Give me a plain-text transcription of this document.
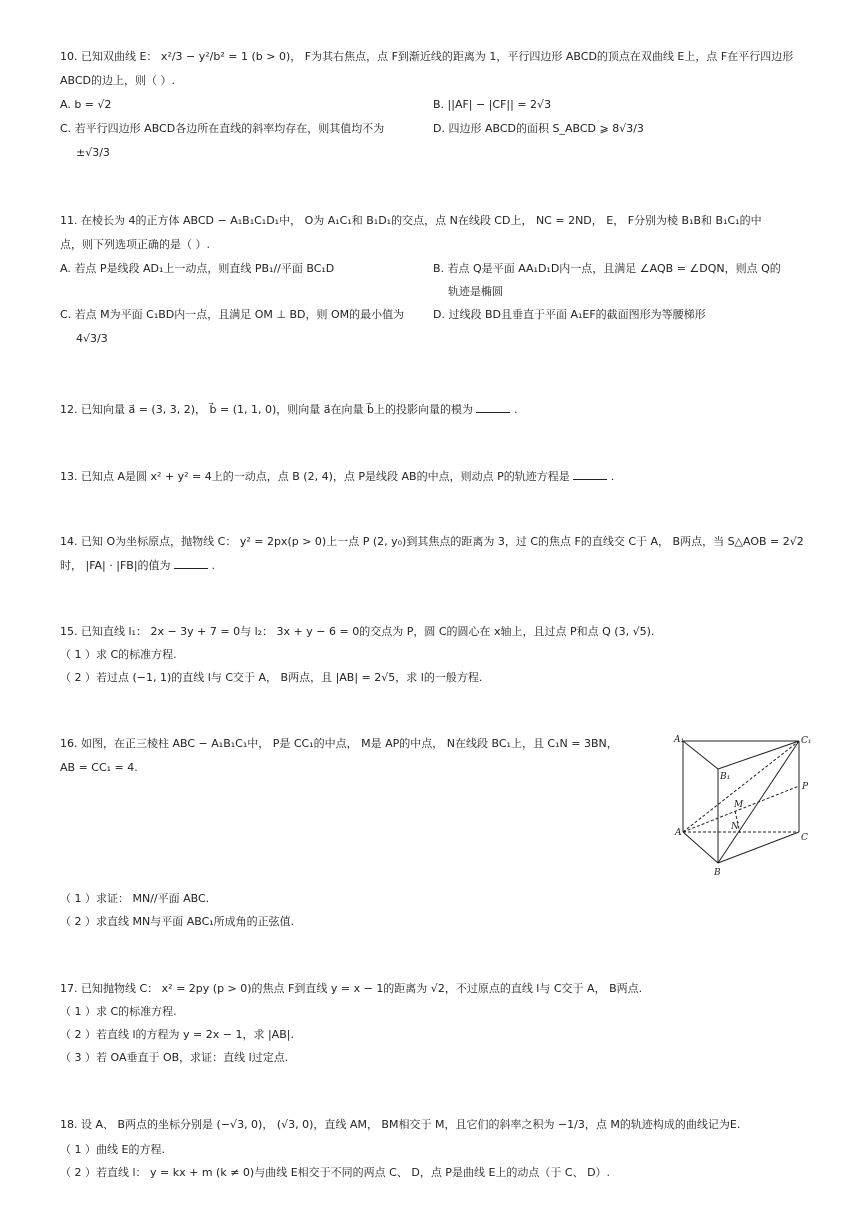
10. 已知双曲线 E： x²/3 − y²/b² = 1 (b > 0)， F为其右焦点，点 F到渐近线的距离为 1，平行四边形 ABCD的顶点在双曲线 E上，点 F在平行四边形
ABCD的边上，则（ ）.
A. b = √2	B. ||AF| − |CF|| = 2√3
C. 若平行四边形 ABCD各边所在直线的斜率均存在，则其值均不为
±√3/3
D. 四边形 ABCD的面积 S_ABCD ⩾ 8√3/3
11. 在棱长为 4的正方体 ABCD − A₁B₁C₁D₁中， O为 A₁C₁和 B₁D₁的交点，点 N在线段 CD上， NC = 2ND， E， F分别为棱 B₁B和 B₁C₁的中
点，则下列选项正确的是（ ）.
A. 若点 P是线段 AD₁上一动点，则直线 PB₁//平面 BC₁D	B. 若点 Q是平面 AA₁D₁D内一点，且满足 ∠AQB = ∠DQN，则点 Q的
轨迹是椭圆
C. 若点 M为平面 C₁BD内一点，且满足 OM ⊥ BD，则 OM的最小值为
4√3/3
D. 过线段 BD且垂直于平面 A₁EF的截面图形为等腰梯形
12. 已知向量 a⃗ = (3, 3, 2)， b⃗ = (1, 1, 0)，则向量 a⃗在向量 b⃗上的投影向量的模为	.
13. 已知点 A是圆 x² + y² = 4上的一动点，点 B (2, 4)，点 P是线段 AB的中点，则动点 P的轨迹方程是	.
14. 已知 O为坐标原点，抛物线 C： y² = 2px(p > 0)上一点 P (2, y₀)到其焦点的距离为 3，过 C的焦点 F的直线交 C于 A， B两点，当 S△AOB = 2√2
时， |FA| · |FB|的值为	.
15. 已知直线 l₁： 2x − 3y + 7 = 0与 l₂： 3x + y − 6 = 0的交点为 P，圆 C的圆心在 x轴上，且过点 P和点 Q (3, √5).
（ 1 ）求 C的标准方程.
（ 2 ）若过点 (−1, 1)的直线 l与 C交于 A， B两点，且 |AB| = 2√5，求 l的一般方程.
16. 如图，在正三棱柱 ABC − A₁B₁C₁中， P是 CC₁的中点， M是 AP的中点， N在线段 BC₁上，且 C₁N = 3BN，
AB = CC₁ = 4.
A₁	C₁
B₁
P
M
N
A	C
B
（ 1 ）求证： MN//平面 ABC.
（ 2 ）求直线 MN与平面 ABC₁所成角的正弦值.
17. 已知抛物线 C： x² = 2py (p > 0)的焦点 F到直线 y = x − 1的距离为 √2，不过原点的直线 l与 C交于 A， B两点.
（ 1 ）求 C的标准方程.
（ 2 ）若直线 l的方程为 y = 2x − 1，求 |AB|.
（ 3 ）若 OA垂直于 OB，求证：直线 l过定点.
18. 设 A、 B两点的坐标分别是 (−√3, 0)， (√3, 0)，直线 AM， BM相交于 M，且它们的斜率之积为 −1/3，点 M的轨迹构成的曲线记为E.
（ 1 ）曲线 E的方程.
（ 2 ）若直线 l： y = kx + m (k ≠ 0)与曲线 E相交于不同的两点 C、 D，点 P是曲线 E上的动点（于 C、 D）.
